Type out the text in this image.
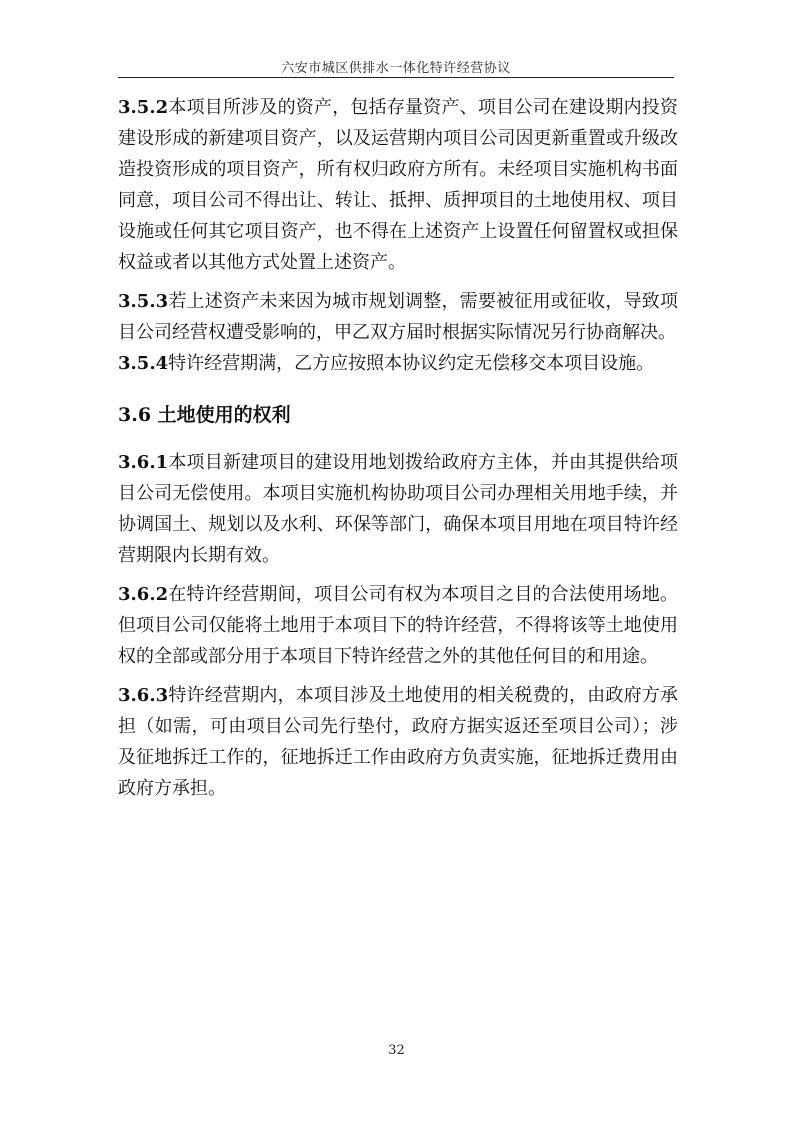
六安市城区供排水一体化特许经营协议

3.5.2本项目所涉及的资产，包括存量资产、项目公司在建设期内投资建设形成的新建项目资产，以及运营期内项目公司因更新重置或升级改造投资形成的项目资产，所有权归政府方所有。未经项目实施机构书面同意，项目公司不得出让、转让、抵押、质押项目的土地使用权、项目设施或任何其它项目资产，也不得在上述资产上设置任何留置权或担保权益或者以其他方式处置上述资产。

3.5.3若上述资产未来因为城市规划调整，需要被征用或征收，导致项目公司经营权遭受影响的，甲乙双方届时根据实际情况另行协商解决。

3.5.4特许经营期满，乙方应按照本协议约定无偿移交本项目设施。

3.6 土地使用的权利

3.6.1本项目新建项目的建设用地划拨给政府方主体，并由其提供给项目公司无偿使用。本项目实施机构协助项目公司办理相关用地手续，并协调国土、规划以及水利、环保等部门，确保本项目用地在项目特许经营期限内长期有效。

3.6.2在特许经营期间，项目公司有权为本项目之目的合法使用场地。但项目公司仅能将土地用于本项目下的特许经营，不得将该等土地使用权的全部或部分用于本项目下特许经营之外的其他任何目的和用途。

3.6.3特许经营期内，本项目涉及土地使用的相关税费的，由政府方承担（如需，可由项目公司先行垫付，政府方据实返还至项目公司）；涉及征地拆迁工作的，征地拆迁工作由政府方负责实施，征地拆迁费用由政府方承担。

32
